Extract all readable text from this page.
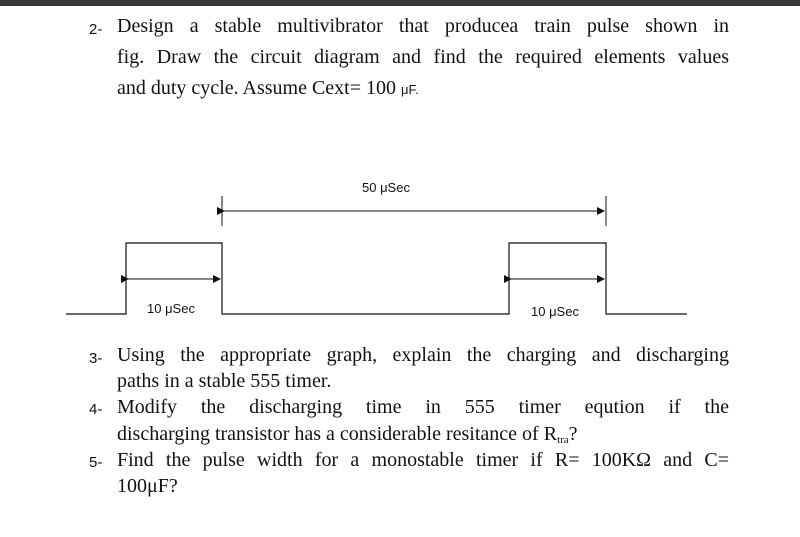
2- Design a stable multivibrator that producea train pulse shown in
fig. Draw the circuit diagram and find the required elements values
and duty cycle. Assume Cext= 100 μF.
50 μSec
10 μSec	10 μSec
3- Using the appropriate graph, explain the charging and discharging
paths in a stable 555 timer.
4- Modify the discharging time in 555 timer eqution if the
discharging transistor has a considerable resitance of $R_{tra}$?
5- Find the pulse width for a monostable timer if R= 100KΩ and C=
100μF?
